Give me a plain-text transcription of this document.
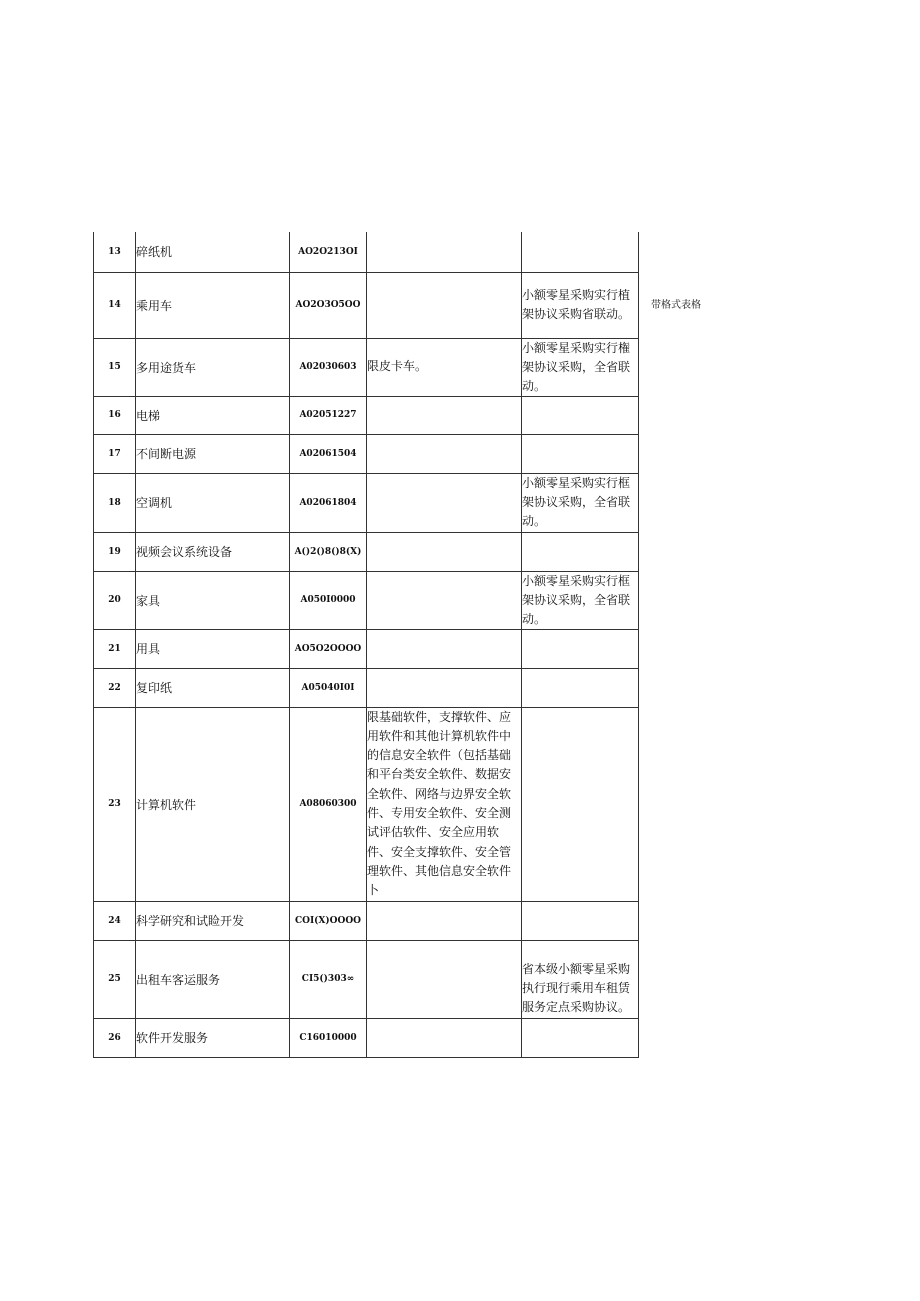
13	碎纸机	AO2O213OI		
14	乘用车	AO2O3O5OO		小额零星采购实行植架协议采购省联动。
15	多用途货车	A02030603	限皮卡车。	小额零星采购实行権架协议采购，全省联动。
16	电梯	A02051227		
17	不间断电源	A02061504		
18	空调机	A02061804		小额零星采购实行框架协议采购，全省联动。
19	视频会议系统设备	A()2()8()8(X)		
20	家具	A050I0000		小额零星采购实行框架协议采购，全省联动。
21	用具	AO5O2OOOO		
22	复印纸	A05040I0I		
23	计算机软件	A08060300	限基础软件，支撑软件、应用软件和其他计算机软件中的信息安全软件（包括基础和平台类安全软件、数据安全软件、网络与边界安全软件、专用安全软件、安全测试评估软件、安全应用软件、安全支撑软件、安全管理软件、其他信息安全软件卜	
24	科学研究和试睑开发	COI(X)OOOO		
25	出租车客运服务	CI5()303∞		省本级小额零星采购执行现行乘用车租赁服务定点采购协议。
26	软件开发服务	C16010000		
带格式表格
